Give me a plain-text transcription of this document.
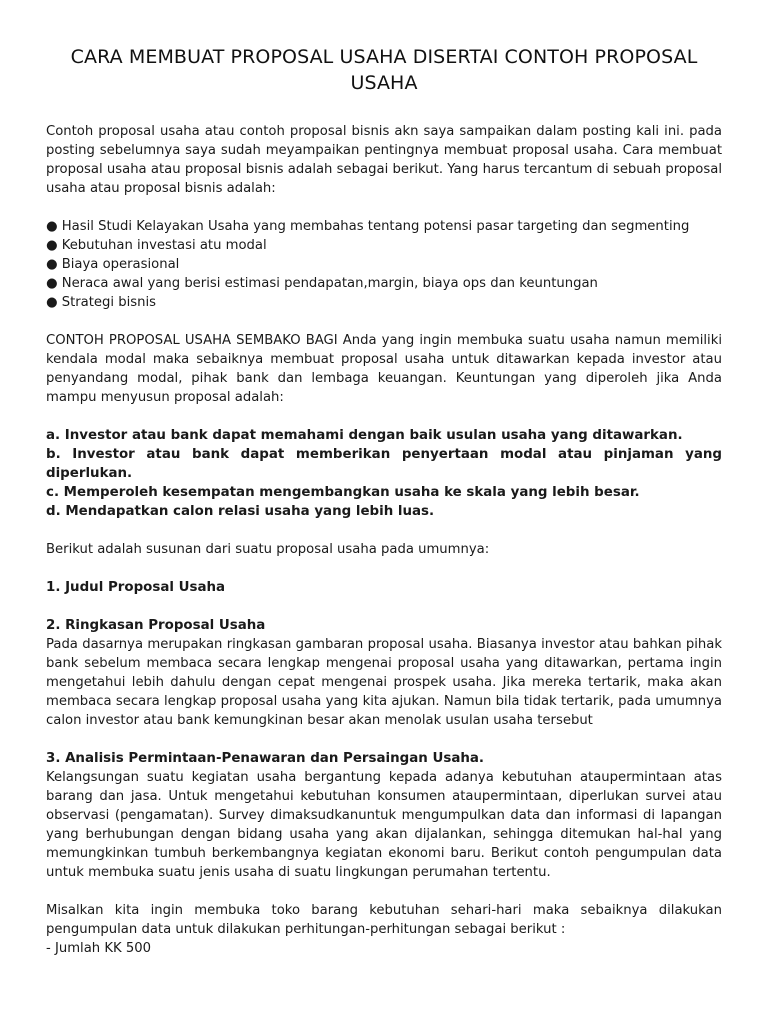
CARA MEMBUAT PROPOSAL USAHA DISERTAI CONTOH PROPOSAL USAHA

Contoh proposal usaha atau contoh proposal bisnis akn saya sampaikan dalam posting kali ini. pada posting sebelumnya saya sudah meyampaikan pentingnya membuat proposal usaha. Cara membuat proposal usaha atau proposal bisnis adalah sebagai berikut. Yang harus tercantum di sebuah proposal usaha atau proposal bisnis adalah:

● Hasil Studi Kelayakan Usaha yang membahas tentang potensi pasar targeting dan segmenting
● Kebutuhan investasi atu modal
● Biaya operasional
● Neraca awal yang berisi estimasi pendapatan,margin, biaya ops dan keuntungan
● Strategi bisnis

CONTOH PROPOSAL USAHA SEMBAKO BAGI Anda yang ingin membuka suatu usaha namun memiliki kendala modal maka sebaiknya membuat proposal usaha untuk ditawarkan kepada investor atau penyandang modal, pihak bank dan lembaga keuangan. Keuntungan yang diperoleh jika Anda mampu menyusun proposal adalah:

a. Investor atau bank dapat memahami dengan baik usulan usaha yang ditawarkan.
b. Investor atau bank dapat memberikan penyertaan modal atau pinjaman yang diperlukan.
c. Memperoleh kesempatan mengembangkan usaha ke skala yang lebih besar.
d. Mendapatkan calon relasi usaha yang lebih luas.

Berikut adalah susunan dari suatu proposal usaha pada umumnya:

1. Judul Proposal Usaha

2. Ringkasan Proposal Usaha

Pada dasarnya merupakan ringkasan gambaran proposal usaha. Biasanya investor atau bahkan pihak bank sebelum membaca secara lengkap mengenai proposal usaha yang ditawarkan, pertama ingin mengetahui lebih dahulu dengan cepat mengenai prospek usaha. Jika mereka tertarik, maka akan membaca secara lengkap proposal usaha yang kita ajukan. Namun bila tidak tertarik, pada umumnya calon investor atau bank kemungkinan besar akan menolak usulan usaha tersebut

3. Analisis Permintaan-Penawaran dan Persaingan Usaha.

Kelangsungan suatu kegiatan usaha bergantung kepada adanya kebutuhan ataupermintaan atas barang dan jasa. Untuk mengetahui kebutuhan konsumen ataupermintaan, diperlukan survei atau observasi (pengamatan). Survey dimaksudkanuntuk mengumpulkan data dan informasi di lapangan yang berhubungan dengan bidang usaha yang akan dijalankan, sehingga ditemukan hal-hal yang memungkinkan tumbuh berkembangnya kegiatan ekonomi baru. Berikut contoh pengumpulan data untuk membuka suatu jenis usaha di suatu lingkungan perumahan tertentu.

Misalkan kita ingin membuka toko barang kebutuhan sehari-hari maka sebaiknya dilakukan pengumpulan data untuk dilakukan perhitungan-perhitungan sebagai berikut :

- Jumlah KK 500
